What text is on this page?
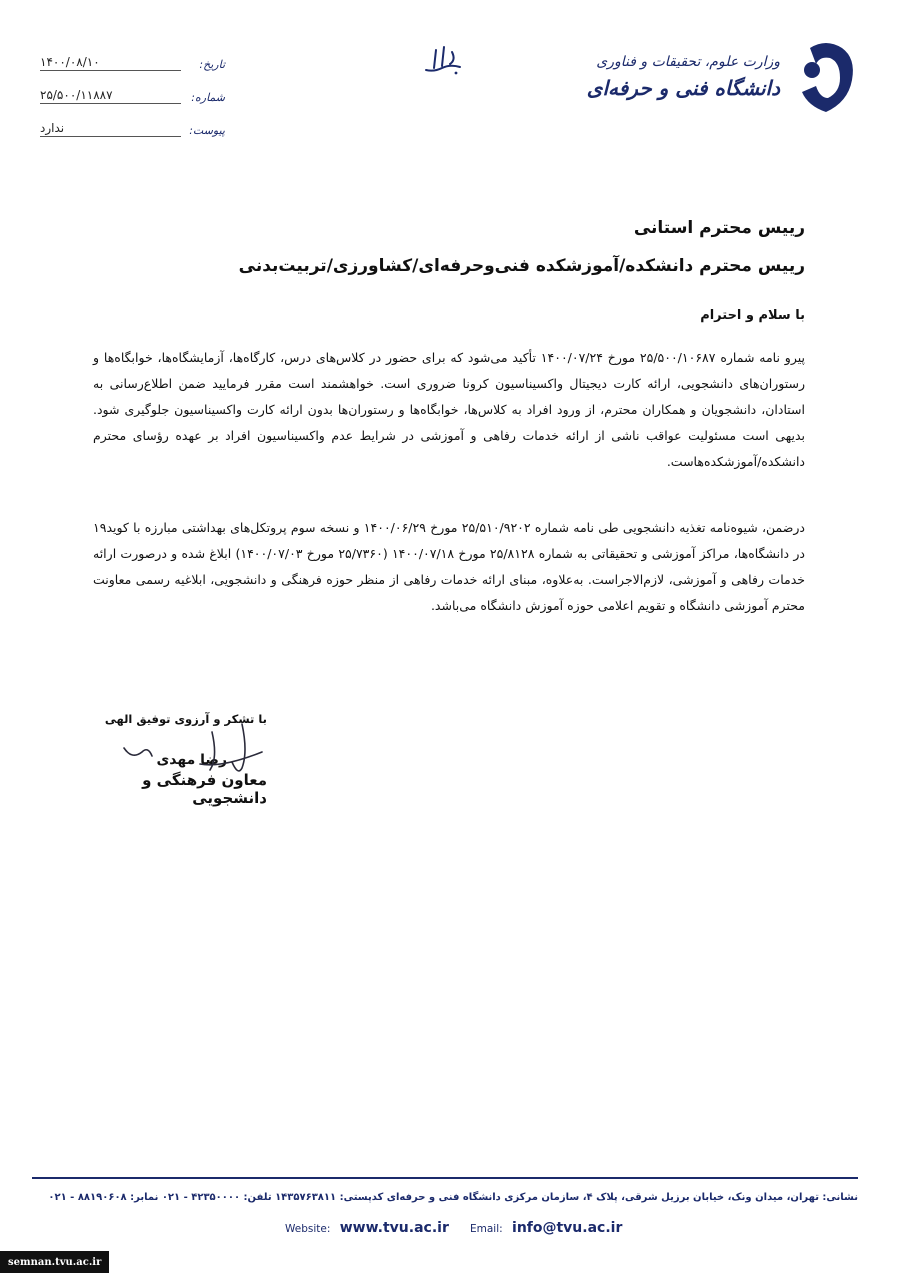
تاریخ:
۱۴۰۰/۰۸/۱۰
شماره:
۲۵/۵۰۰/۱۱۸۸۷
پیوست:
ندارد
وزارت علوم، تحقیقات و فناوری
دانشگاه فنی و حرفه‌ای
رییس محترم استانی
رییس محترم دانشکده/آموزشکده فنی‌وحرفه‌ای/کشاورزی/تربیت‌بدنی
با سلام و احترام
پیرو نامه شماره ۲۵/۵۰۰/۱۰۶۸۷ مورخ ۱۴۰۰/۰۷/۲۴ تأکید می‌شود که برای حضور در کلاس‌های درس، کارگاه‌ها، آزمایشگاه‌ها، خوابگاه‌ها و رستوران‌های دانشجویی، ارائه کارت دیجیتال واکسیناسیون کرونا ضروری است. خواهشمند است مقرر فرمایید ضمن اطلاع‌رسانی به استادان، دانشجویان و همکاران محترم، از ورود افراد به کلاس‌ها، خوابگاه‌ها و رستوران‌ها بدون ارائه کارت واکسیناسیون جلوگیری شود. بدیهی است مسئولیت عواقب ناشی از ارائه خدمات رفاهی و آموزشی در شرایط عدم واکسیناسیون افراد بر عهده رؤسای محترم دانشکده/آموزشکده‌هاست.
درضمن، شیوه‌نامه تغذیه دانشجویی طی نامه شماره ۲۵/۵۱۰/۹۲۰۲ مورخ ۱۴۰۰/۰۶/۲۹ و نسخه سوم پروتکل‌های بهداشتی مبارزه با کوید۱۹ در دانشگاه‌ها، مراکز آموزشی و تحقیقاتی به شماره ۲۵/۸۱۲۸ مورخ ۱۴۰۰/۰۷/۱۸ (۲۵/۷۳۶۰ مورخ ۱۴۰۰/۰۷/۰۳) ابلاغ شده و درصورت ارائه خدمات رفاهی و آموزشی، لازم‌الاجراست. به‌علاوه، مبنای ارائه خدمات رفاهی از منظر حوزه فرهنگی و دانشجویی، ابلاغیه رسمی معاونت محترم آموزشی دانشگاه و تقویم اعلامی حوزه آموزش دانشگاه می‌باشد.
با تشکر و آرزوی توفیق الهی
رضا مهدی
معاون فرهنگی و دانشجویی
نشانی: تهران، میدان ونک، خیابان برزیل شرقی، پلاک ۴، سازمان مرکزی دانشگاه فنی و حرفه‌ای کدپستی: ۱۴۳۵۷۶۳۸۱۱ تلفن: ۴۲۳۵۰۰۰۰ - ۰۲۱ نمابر: ۸۸۱۹۰۶۰۸ - ۰۲۱
Website: www.tvu.ac.ir Email: info@tvu.ac.ir
semnan.tvu.ac.ir
